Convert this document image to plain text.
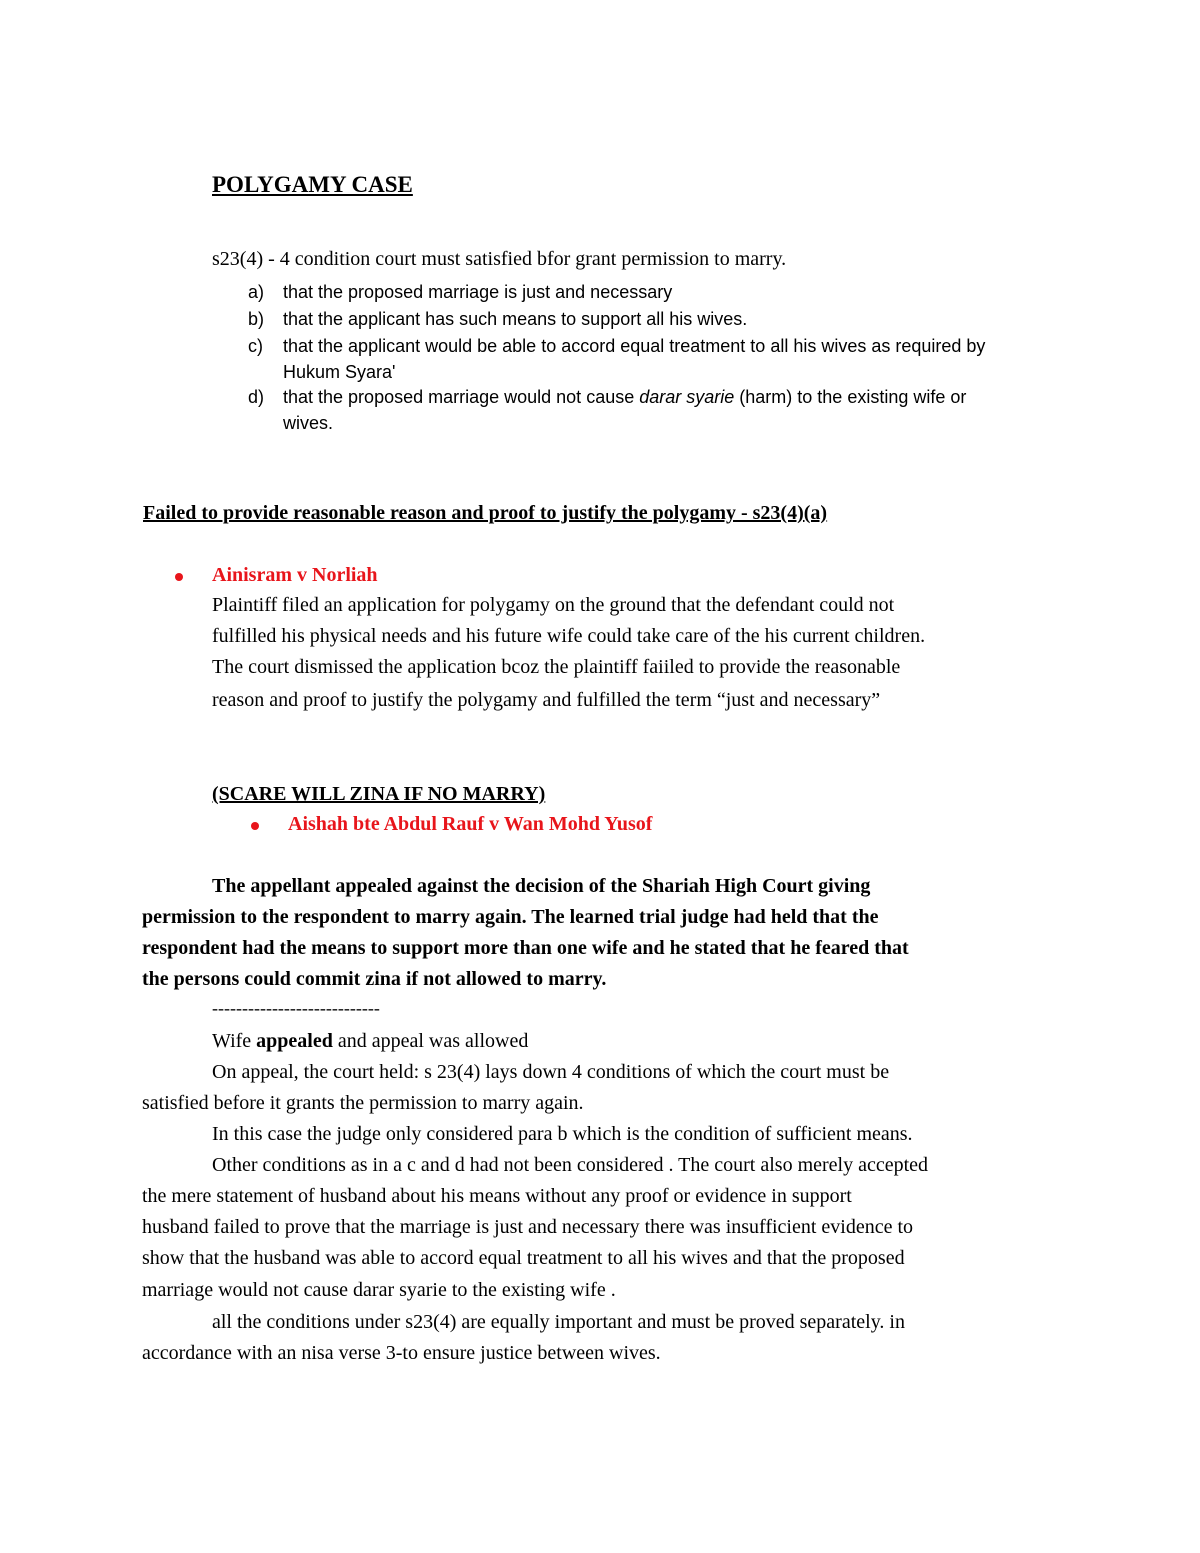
POLYGAMY CASE
s23(4) - 4 condition court must satisfied bfor grant permission to marry.
a) that the proposed marriage is just and necessary
b) that the applicant has such means to support all his wives.
c) that the applicant would be able to accord equal treatment to all his wives as required by
Hukum Syara'
d) that the proposed marriage would not cause darar syarie (harm) to the existing wife or
wives.
Failed to provide reasonable reason and proof to justify the polygamy - s23(4)(a)
Ainisram v Norliah
Plaintiff filed an application for polygamy on the ground that the defendant could not
fulfilled his physical needs and his future wife could take care of the his current children.
The court dismissed the application bcoz the plaintiff faiiled to provide the reasonable
reason and proof to justify the polygamy and fulfilled the term “just and necessary”
(SCARE WILL ZINA IF NO MARRY)
Aishah bte Abdul Rauf v Wan Mohd Yusof
The appellant appealed against the decision of the Shariah High Court giving
permission to the respondent to marry again. The learned trial judge had held that the
respondent had the means to support more than one wife and he stated that he feared that
the persons could commit zina if not allowed to marry.
----------------------------
Wife appealed and appeal was allowed
On appeal, the court held: s 23(4) lays down 4 conditions of which the court must be
satisfied before it grants the permission to marry again.
In this case the judge only considered para b which is the condition of sufficient means.
Other conditions as in a c and d had not been considered . The court also merely accepted
the mere statement of husband about his means without any proof or evidence in support
husband failed to prove that the marriage is just and necessary there was insufficient evidence to
show that the husband was able to accord equal treatment to all his wives and that the proposed
marriage would not cause darar syarie to the existing wife .
all the conditions under s23(4) are equally important and must be proved separately. in
accordance with an nisa verse 3-to ensure justice between wives.
